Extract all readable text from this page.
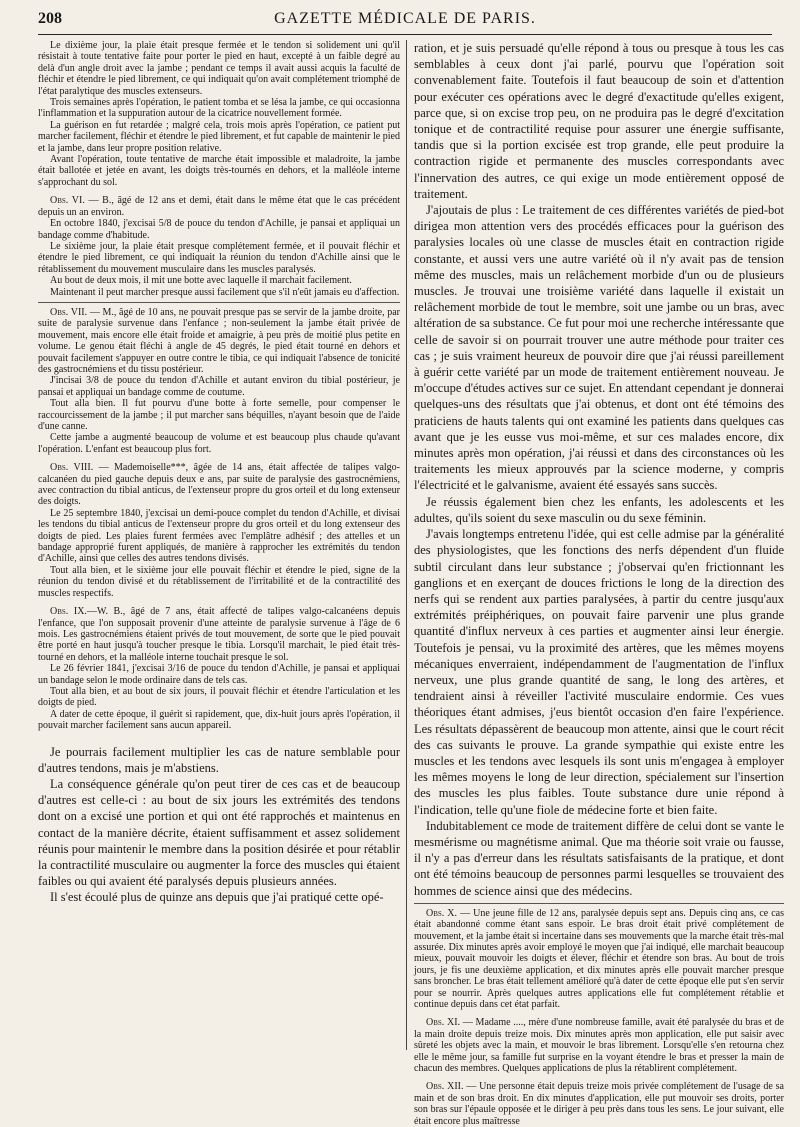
208	GAZETTE MÉDICALE DE PARIS.

Le dixième jour, la plaie était presque fermée et le tendon si solidement uni qu'il résistait à toute tentative faite pour porter le pied en haut, excepté à un faible degré au delà d'un angle droit avec la jambe ; pendant ce temps il avait aussi acquis la faculté de fléchir et étendre le pied librement, ce qui indiquait qu'on avait complétement triomphé de l'état paralytique des muscles extenseurs.

Trois semaines après l'opération, le patient tomba et se lésa la jambe, ce qui occasionna l'inflammation et la suppuration autour de la cicatrice nouvellement formée.

La guérison en fut retardée ; malgré cela, trois mois après l'opération, ce patient put marcher facilement, fléchir et étendre le pied librement, et fut capable de maintenir le pied et la jambe, dans leur propre position relative.

Avant l'opération, toute tentative de marche était impossible et maladroite, la jambe était ballotée et jetée en avant, les doigts très-tournés en dehors, et la malléole interne s'approchant du sol.

Obs. VI. — B., âgé de 12 ans et demi, était dans le même état que le cas précédent depuis un an environ.

En octobre 1840, j'excisai 5/8 de pouce du tendon d'Achille, je pansai et appliquai un bandage comme d'habitude.

Le sixième jour, la plaie était presque complétement fermée, et il pouvait fléchir et étendre le pied librement, ce qui indiquait la réunion du tendon d'Achille ainsi que le rétablissement du mouvement musculaire dans les muscles paralysés.

Au bout de deux mois, il mit une botte avec laquelle il marchait facilement.

Maintenant il peut marcher presque aussi facilement que s'il n'eût jamais eu d'affection.

Obs. VII. — M., âgé de 10 ans, ne pouvait presque pas se servir de la jambe droite, par suite de paralysie survenue dans l'enfance ; non-seulement la jambe était privée de mouvement, mais encore elle était froide et amaigrie, à peu près de moitié plus petite en volume. Le genou était fléchi à angle de 45 degrés, le pied était tourné en dehors et pouvait facilement s'appuyer en outre contre le tibia, ce qui indiquait l'absence de tonicité des gastrocnémiens et du tissu postérieur.

J'incisai 3/8 de pouce du tendon d'Achille et autant environ du tibial postérieur, je pansai et appliquai un bandage comme de coutume.

Tout alla bien. Il fut pourvu d'une botte à forte semelle, pour compenser le raccourcissement de la jambe ; il put marcher sans béquilles, n'ayant besoin que de l'aide d'une canne.

Cette jambe a augmenté beaucoup de volume et est beaucoup plus chaude qu'avant l'opération. L'enfant est beaucoup plus fort.

Obs. VIII. — Mademoiselle***, âgée de 14 ans, était affectée de talipes valgo-calcanéen du pied gauche depuis deux e ans, par suite de paralysie des gastrocnémiens, avec contraction du tibial anticus, de l'extenseur propre du gros orteil et du long extenseur des doigts.

Le 25 septembre 1840, j'excisai un demi-pouce complet du tendon d'Achille, et divisai les tendons du tibial anticus de l'extenseur propre du gros orteil et du long extenseur des doigts de pied. Les plaies furent fermées avec l'emplâtre adhésif ; des attelles et un bandage approprié furent appliqués, de manière à rapprocher les extrémités du tendon d'Achille, ainsi que celles des autres tendons divisés.

Tout alla bien, et le sixième jour elle pouvait fléchir et étendre le pied, signe de la réunion du tendon divisé et du rétablissement de l'irritabilité et de la contractilité des muscles respectifs.

Obs. IX.—W. B., âgé de 7 ans, était affecté de talipes valgo-calcanéens depuis l'enfance, que l'on supposait provenir d'une atteinte de paralysie survenue à l'âge de 6 mois. Les gastrocnémiens étaient privés de tout mouvement, de sorte que le pied pouvait être porté en haut jusqu'à toucher presque le tibia. Lorsqu'il marchait, le pied était très-tourné en dehors, et la malléole interne touchait presque le sol.

Le 26 février 1841, j'excisai 3/16 de pouce du tendon d'Achille, je pansai et appliquai un bandage selon le mode ordinaire dans de tels cas.

Tout alla bien, et au bout de six jours, il pouvait fléchir et étendre l'articulation et les doigts de pied.

A dater de cette époque, il guérit si rapidement, que, dix-huit jours après l'opération, il pouvait marcher facilement sans aucun appareil.

Je pourrais facilement multiplier les cas de nature semblable pour d'autres tendons, mais je m'abstiens.

La conséquence générale qu'on peut tirer de ces cas et de beaucoup d'autres est celle-ci : au bout de six jours les extrémités des tendons dont on a excisé une portion et qui ont été rapprochés et maintenus en contact de la manière décrite, étaient suffisamment et assez solidement réunis pour maintenir le membre dans la position désirée et pour rétablir la contractilité musculaire ou augmenter la force des muscles qui étaient faibles ou qui avaient été paralysés depuis plusieurs années.

Il s'est écoulé plus de quinze ans depuis que j'ai pratiqué cette opé-

ration, et je suis persuadé qu'elle répond à tous ou presque à tous les cas semblables à ceux dont j'ai parlé, pourvu que l'opération soit convenablement faite. Toutefois il faut beaucoup de soin et d'attention pour exécuter ces opérations avec le degré d'exactitude qu'elles exigent, parce que, si on excise trop peu, on ne produira pas le degré d'excitation tonique et de contractilité requise pour assurer une énergie suffisante, tandis que si la portion excisée est trop grande, elle peut produire la contraction rigide et permanente des muscles correspondants avec l'innervation des autres, ce qui exige un mode entièrement opposé de traitement.

J'ajoutais de plus : Le traitement de ces différentes variétés de pied-bot dirigea mon attention vers des procédés efficaces pour la guérison des paralysies locales où une classe de muscles était en contraction rigide constante, et aussi vers une autre variété où il n'y avait pas de tension même des muscles, mais un relâchement morbide d'un ou de plusieurs muscles. Je trouvai une troisième variété dans laquelle il existait un relâchement morbide de tout le membre, soit une jambe ou un bras, avec altération de sa substance. Ce fut pour moi une recherche intéressante que celle de savoir si on pourrait trouver une autre méthode pour traiter ces cas ; je suis vraiment heureux de pouvoir dire que j'ai réussi pareillement à guérir cette variété par un mode de traitement entièrement nouveau. Je m'occupe d'études actives sur ce sujet. En attendant cependant je donnerai quelques-uns des résultats que j'ai obtenus, et dont ont été témoins des praticiens de hauts talents qui ont examiné les patients dans quelques cas avant que je les eusse vus moi-même, et sur ces malades encore, dix minutes après mon opération, j'ai réussi et dans des circonstances où les traitements les mieux approuvés par la science moderne, y compris l'électricité et le galvanisme, avaient été essayés sans succès.

Je réussis également bien chez les enfants, les adolescents et les adultes, qu'ils soient du sexe masculin ou du sexe féminin.

J'avais longtemps entretenu l'idée, qui est celle admise par la généralité des physiologistes, que les fonctions des nerfs dépendent d'un fluide subtil circulant dans leur substance ; j'observai qu'en frictionnant les ganglions et en exerçant de douces frictions le long de la direction des nerfs qui se rendent aux parties paralysées, à partir du centre jusqu'aux extrémités préiphériques, on pouvait faire parvenir une plus grande quantité d'influx nerveux à ces parties et augmenter ainsi leur énergie. Toutefois je pensai, vu la proximité des artères, que les mêmes moyens mécaniques enverraient, indépendamment de l'augmentation de l'influx nerveux, une plus grande quantité de sang, le long des artères, et tendraient ainsi à réveiller l'activité musculaire endormie. Ces vues théoriques étant admises, j'eus bientôt occasion d'en faire l'expérience. Les résultats dépassèrent de beaucoup mon attente, ainsi que le court récit des cas suivants le prouve. La grande sympathie qui existe entre les muscles et les tendons avec lesquels ils sont unis m'engagea à employer les mêmes moyens le long de leur direction, spécialement sur l'insertion des muscles les plus faibles. Toute substance dure unie répond à l'indication, telle qu'une fiole de médecine forte et bien faite.

Indubitablement ce mode de traitement diffère de celui dont se vante le mesmérisme ou magnétisme animal. Que ma théorie soit vraie ou fausse, il n'y a pas d'erreur dans les résultats satisfaisants de la pratique, et dont ont été témoins beaucoup de personnes parmi lesquelles se trouvaient des hommes de science ainsi que des médecins.

Obs. X. — Une jeune fille de 12 ans, paralysée depuis sept ans. Depuis cinq ans, ce cas était abandonné comme étant sans espoir. Le bras droit était privé complétement de mouvement, et la jambe était si incertaine dans ses mouvements que la marche était très-mal assurée. Dix minutes après avoir employé le moyen que j'ai indiqué, elle marchait beaucoup mieux, pouvait mouvoir les doigts et élever, fléchir et étendre son bras. Au bout de trois jours, je fis une deuxième application, et dix minutes après elle pouvait marcher presque sans broncher. Le bras était tellement amélioré qu'à dater de cette époque elle put s'en servir pour se nourrir. Après quelques autres applications elle fut complétement rétablie et continue depuis dans cet état parfait.

Obs. XI. — Madame ...., mère d'une nombreuse famille, avait été paralysée du bras et de la main droite depuis treize mois. Dix minutes après mon application, elle put saisir avec sûreté les objets avec la main, et mouvoir le bras librement. Lorsqu'elle s'en retourna chez elle le même jour, sa famille fut surprise en la voyant étendre le bras et presser la main de chacun des membres. Quelques applications de plus la rétablirent complétement.

Obs. XII. — Une personne était depuis treize mois privée complétement de l'usage de sa main et de son bras droit. En dix minutes d'application, elle put mouvoir ses droits, porter son bras sur l'épaule opposée et le diriger à peu près dans tous les sens. Le jour suivant, elle était encore plus maîtresse
